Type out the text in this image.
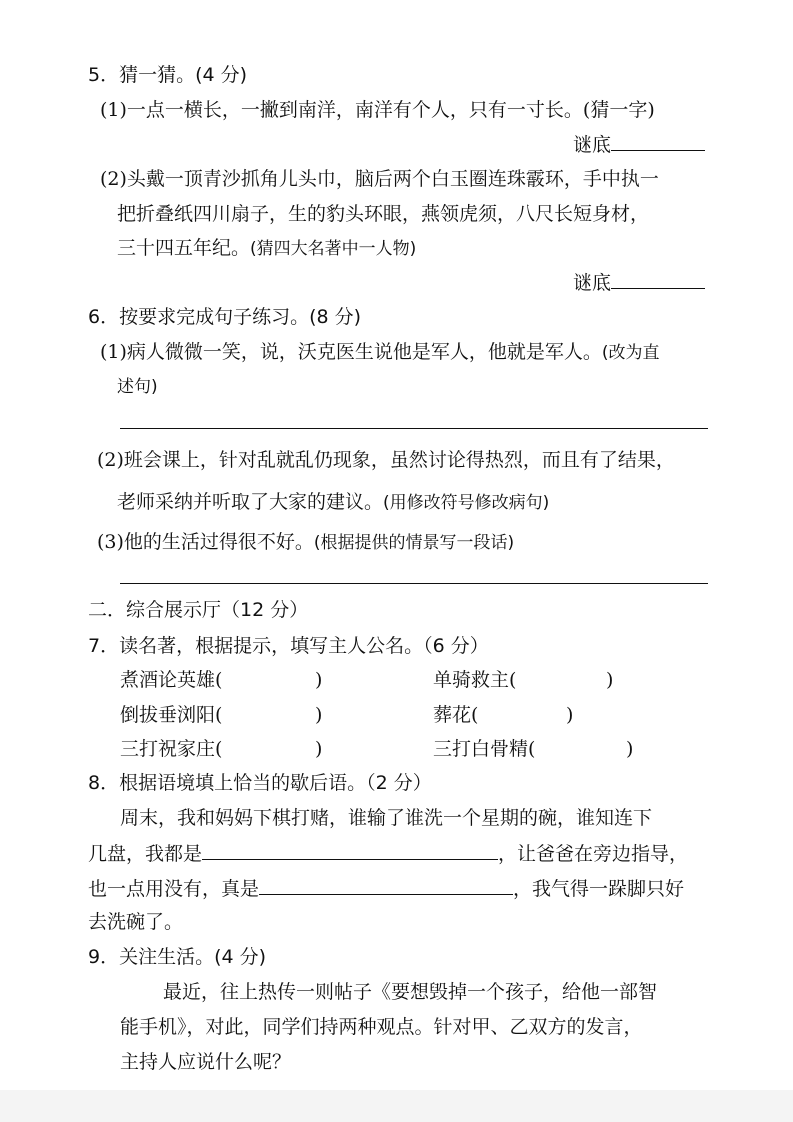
5．猜一猜。(4 分)
(1)一点一横长，一撇到南洋，南洋有个人，只有一寸长。(猜一字)
谜底
(2)头戴一顶青沙抓角儿头巾，脑后两个白玉圈连珠霰环，手中执一
把折叠纸四川扇子，生的豹头环眼，燕领虎须，八尺长短身材，
三十四五年纪。(猜四大名著中一人物)
谜底
6．按要求完成句子练习。(8 分)
(1)病人微微一笑，说，沃克医生说他是军人，他就是军人。(改为直
述句)
(2)班会课上，针对乱就乱仍现象，虽然讨论得热烈，而且有了结果，
老师采纳并听取了大家的建议。(用修改符号修改病句)
(3)他的生活过得很不好。(根据提供的情景写一段话)
二．综合展示厅（12 分）
7．读名著，根据提示，填写主人公名。（6 分）
煮酒论英雄(	)	单骑救主(	)
倒拔垂浏阳(	)	葬花(	)
三打祝家庄(	)	三打白骨精(	)
8．根据语境填上恰当的歇后语。（2 分）
周末，我和妈妈下棋打赌，谁输了谁洗一个星期的碗，谁知连下
几盘，我都是	，让爸爸在旁边指导，
也一点用没有，真是	，我气得一跺脚只好
去洗碗了。
9．关注生活。(4 分)
最近，往上热传一则帖子《要想毁掉一个孩子，给他一部智
能手机》，对此，同学们持两种观点。针对甲、乙双方的发言，
主持人应说什么呢？
